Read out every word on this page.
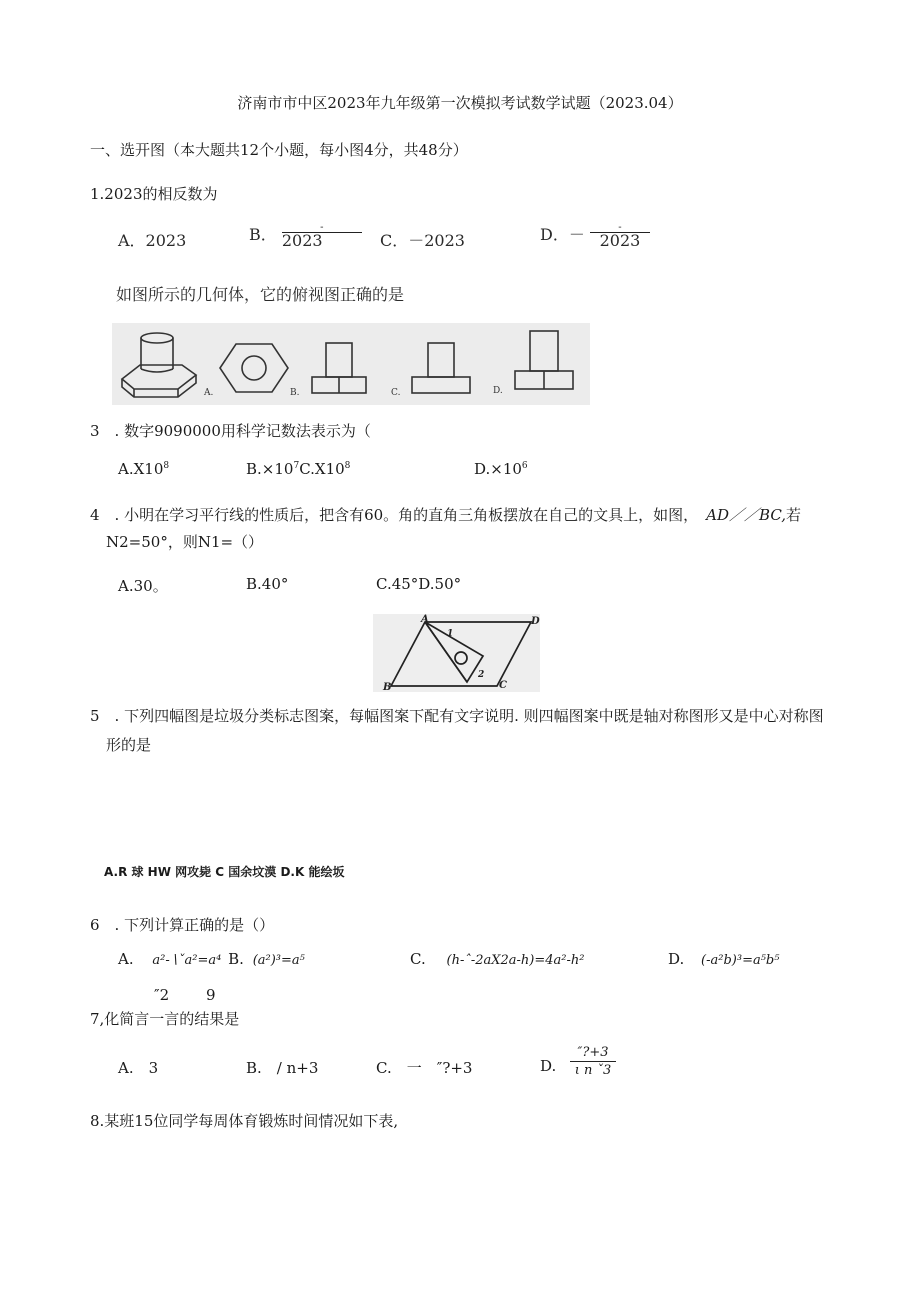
济南市市中区2023年九年级第一次模拟考试数学试题（2023.04）
一、选开图（本大题共12个小题，每小图4分，共48分）
1.2023的相反数为
A．2023	B． $\frac{-}{2023}$ C．－2023	D．－ $\frac{-}{2023}$
如图所示的几何体，它的俯视图正确的是
A.	B.	C.	D.
3　. 数字9090000用科学记数法表示为（
$A.X10^8$	$B.\times 10^7C.X10^8$	$D.\times 10^6$
4　. 小明在学习平行线的性质后，把含有60。角的直角三角板摆放在自己的文具上，如图， AD／／BC,若
N2=50°，则N1=（）
A.30。	B.40°	C.45°D.50°
A	D
B	C
1
2
5　. 下列四幅图是垃圾分类标志图案，每幅图案下配有文字说明. 则四幅图案中既是轴对称图形又是中心对称图
形的是
A.R 球 HW 网攻毙 C 国余坟漠 D.K 能绘坂
6　. 下列计算正确的是（）
A. a²-∖ˇa²=a⁴ B. (a²)³=a⁵	C. (h-ˆ-2aX2a-h)=4a²-h²	D. (-a²b)³=a⁵b⁵
″2 9
7,化简言一言的结果是
A.　3	B.　/ n+3	C.　一　″?+3	D.
″?+3
ι n ˇ3
8.某班15位同学每周体育锻炼时间情况如下表,
